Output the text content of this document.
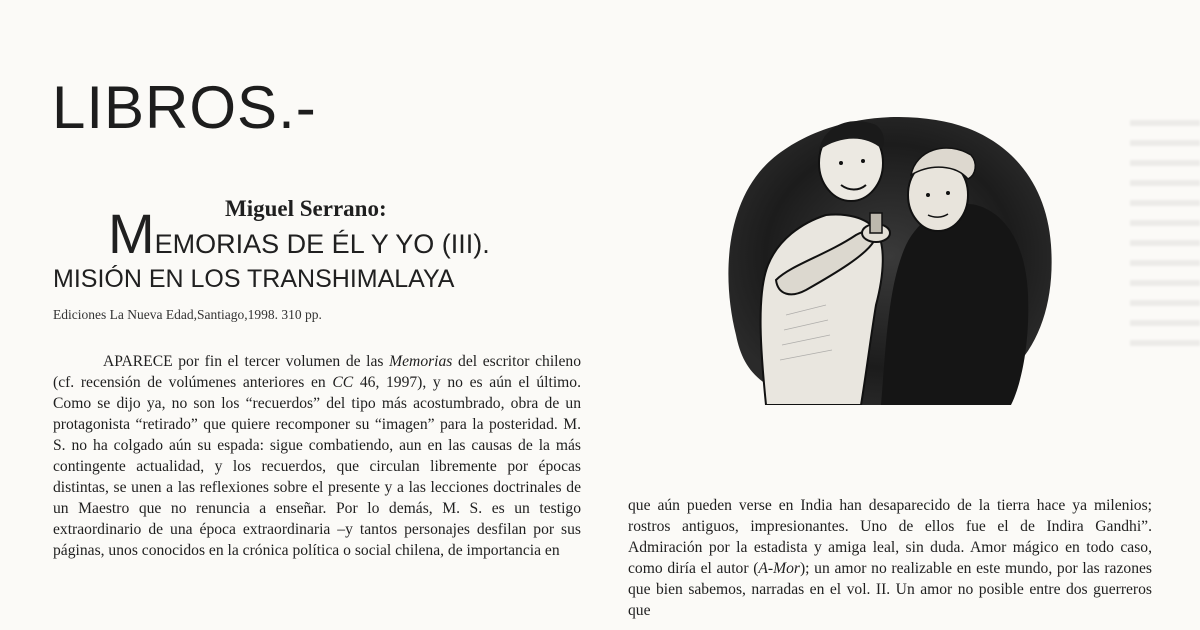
LIBROS.-
Miguel Serrano:
MEMORIAS DE ÉL Y YO (III).
MISIÓN EN LOS TRANSHIMALAYA
Ediciones La Nueva Edad,Santiago,1998. 310 pp.

APARECE por fin el tercer volumen de las Memorias del escritor chileno (cf. recensión de volúmenes anteriores en CC 46, 1997), y no es aún el último. Como se dijo ya, no son los “recuerdos” del tipo más acostumbrado, obra de un protagonista “retirado” que quiere recomponer su “imagen” para la posteridad. M. S. no ha colgado aún su espada: sigue combatiendo, aun en las causas de la más contingente actualidad, y los recuerdos, que circulan libremente por épocas distintas, se unen a las reflexiones sobre el presente y a las lecciones doctrinales de un Maestro que no renuncia a enseñar. Por lo demás, M. S. es un testigo extraordinario de una época extraordinaria –y tantos personajes desfilan por sus páginas, unos conocidos en la crónica política o social chilena, de importancia en

que aún pueden verse en India han desaparecido de la tierra hace ya milenios; rostros antiguos, impresionantes. Uno de ellos fue el de Indira Gandhi”. Admiración por la estadista y amiga leal, sin duda. Amor mágico en todo caso, como diría el autor (A-Mor); un amor no realizable en este mundo, por las razones que bien sabemos, narradas en el vol. II. Un amor no posible entre dos guerreros que
